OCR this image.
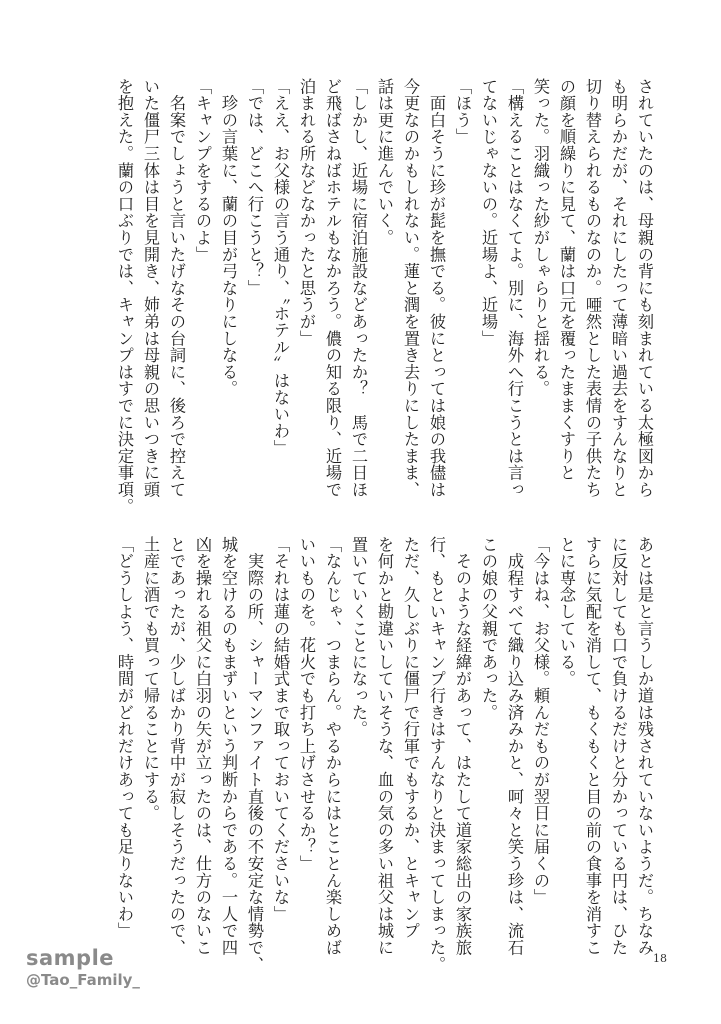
されていたのは、母親の背にも刻まれている太極図から

も明らかだが、それにしたって薄暗い過去をすんなりと

切り替えられるものなのか。唖然とした表情の子供たち

の顔を順繰りに見て、蘭は口元を覆ったままくすりと

笑った。羽織った紗がしゃらりと揺れる。

「構えることはなくてよ。別に、海外へ行こうとは言っ

てないじゃないの。近場よ、近場」

「ほう」

　面白そうに珍が髭を撫でる。彼にとっては娘の我儘は

今更なのかもしれない。蓮と潤を置き去りにしたまま、

話は更に進んでいく。

「しかし、近場に宿泊施設などあったか？　馬で二日ほ

ど飛ばさねばホテルもなかろう。儂の知る限り、近場で

泊まれる所などなかったと思うが」

「ええ、お父様の言う通り、〝ホテル〟はないわ」

「では、どこへ行こうと？」

　珍の言葉に、蘭の目が弓なりにしなる。

「キャンプをするのよ」

　名案でしょうと言いたげなその台詞に、後ろで控えて

いた僵尸三体は目を見開き、姉弟は母親の思いつきに頭

を抱えた。蘭の口ぶりでは、キャンプはすでに決定事項。

あとは是と言うしか道は残されていないようだ。ちなみ

に反対しても口で負けるだけと分かっている円は、ひた

すらに気配を消して、もくもくと目の前の食事を消すこ

とに専念している。

「今はね、お父様。頼んだものが翌日に届くの」

　成程すべて織り込み済みかと、呵々と笑う珍は、流石

この娘の父親であった。

　そのような経緯があって、はたして道家総出の家族旅

行、もといキャンプ行きはすんなりと決まってしまった。

ただ、久しぶりに僵尸で行軍でもするか、とキャンプ

を何かと勘違いしていそうな、血の気の多い祖父は城に

置いていくことになった。

「なんじゃ、つまらん。やるからにはとことん楽しめば

いいものを。花火でも打ち上げさせるか？」

「それは蓮の結婚式まで取っておいてくださいな」

　実際の所、シャーマンファイト直後の不安定な情勢で、

城を空けるのもまずいという判断からである。一人で四

凶を操れる祖父に白羽の矢が立ったのは、仕方のないこ

とであったが、少しばかり背中が寂しそうだったので、

土産に酒でも買って帰ることにする。

「どうしよう、時間がどれだけあっても足りないわ」

18
sample
@Tao_Family_
